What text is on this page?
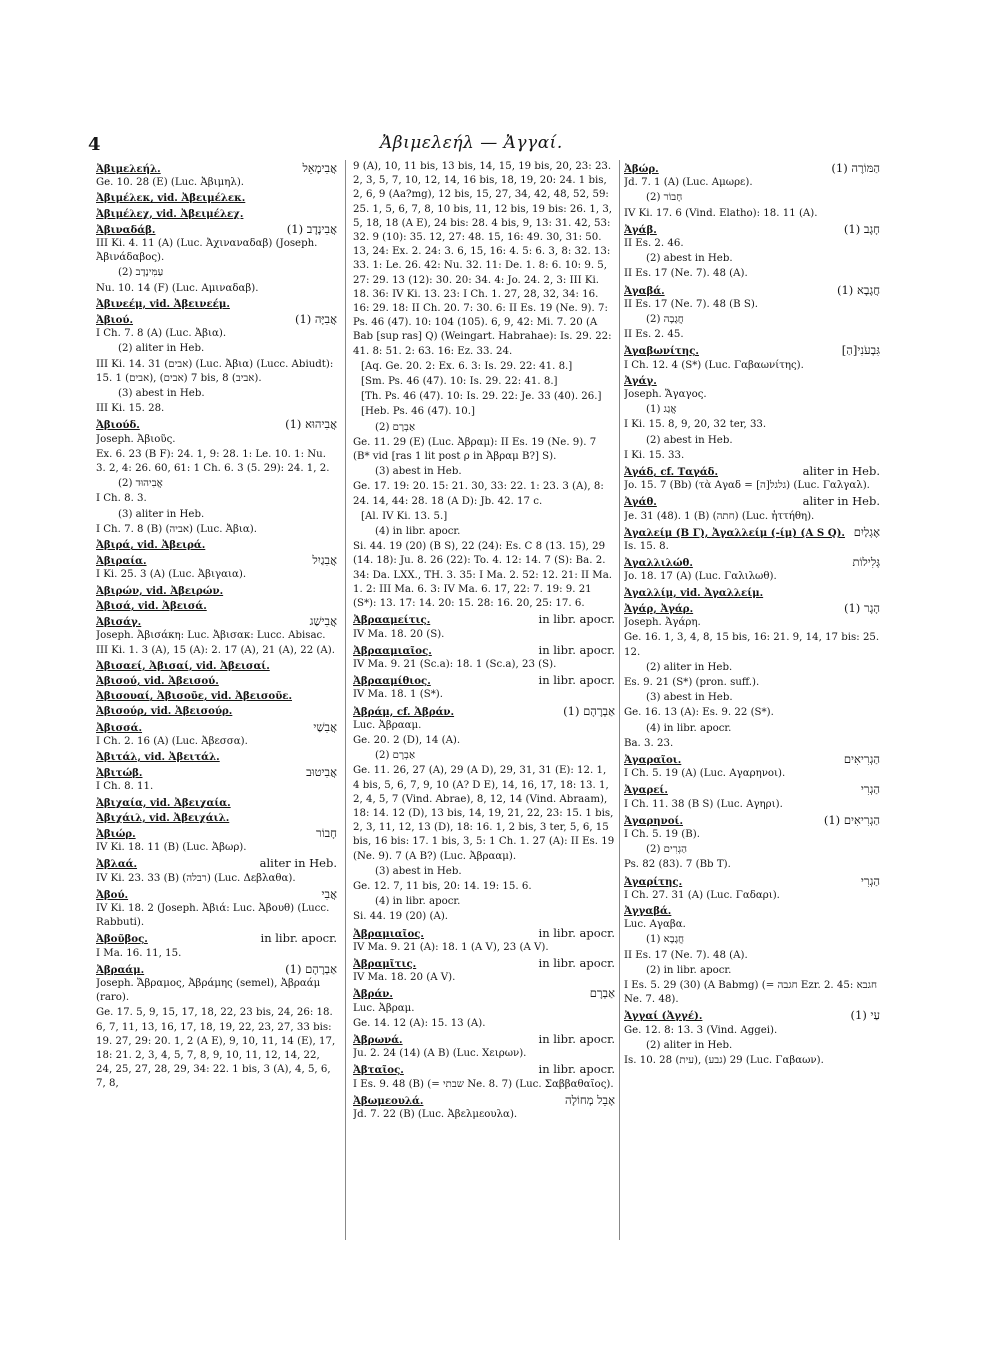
4	Ἀβιμελεήλ — Ἀγγαί.
Ἀβιμελεήλ.	אֲבִימָאֵל
Ge. 10. 28 (E) (Luc. Ἀβιμηλ).
Ἀβιμέλεκ, vid. Ἀβειμέλεκ.
Ἀβιμέλεχ, vid. Ἀβειμέλεχ.
Ἀβιναδάβ.	(1) אֲבִינָדָב
III Ki. 4. 11 (A) (Luc. Ἀχιναναδαβ) (Joseph. Ἀβινάδαβος).
(2) עַמִּינָדָב
Nu. 10. 14 (F) (Luc. Αμιναδαβ).
Ἀβινεέμ, vid. Ἀβεινεέμ.
Ἀβιού.	(1) אֲבִיָּה
I Ch. 7. 8 (A) (Luc. Ἀβια).
(2) aliter in Heb.
III Ki. 14. 31 (אבים) (Luc. Ἀβια) (Lucc. Abiudt): 15. 1 (אבים), 7 (אבים) bis, 8 (אביב).
(3) abest in Heb.
III Ki. 15. 28.
Ἀβιούδ.	(1) אֲבִיהוּא
Joseph. Ἀβιοῦς.
Ex. 6. 23 (B F): 24. 1, 9: 28. 1: Le. 10. 1: Nu. 3. 2, 4: 26. 60, 61: 1 Ch. 6. 3 (5. 29): 24. 1, 2.
(2) אֲבִיהוּד
I Ch. 8. 3.
(3) aliter in Heb.
I Ch. 7. 8 (B) (אביה) (Luc. Ἀβια).
Ἀβιρά, vid. Ἀβειρά.
Ἀβιραία.	אֲבִגַיִל
I Ki. 25. 3 (A) (Luc. Ἀβιγαια).
Ἀβιρών, vid. Ἀβειρών.
Ἀβισά, vid. Ἀβεισά.
Ἀβισάγ.	אֲבִישַׁג
Joseph. Ἀβισάκη: Luc. Ἀβισακ: Lucc. Abisac. III Ki. 1. 3 (A), 15 (A): 2. 17 (A), 21 (A), 22 (A).
Ἀβισαεί, Ἀβισαί, vid. Ἀβεισαί.
Ἀβισού, vid. Ἀβεισού.
Ἀβισουαί, Ἀβισοῦε, vid. Ἀβεισοῦε.
Ἀβισούρ, vid. Ἀβεισούρ.
Ἀβισσά.	אֲבִשַׁי
I Ch. 2. 16 (A) (Luc. Ἀβεσσα).
Ἀβιτάλ, vid. Ἀβειτάλ.
Ἀβιτώβ.	אֲבִיטוּב
I Ch. 8. 11.
Ἀβιχαία, vid. Ἀβειχαία.
Ἀβιχάιλ, vid. Ἀβειχάιλ.
Ἀβιώρ.	חָבוֹר
IV Ki. 18. 11 (B) (Luc. Ἀβωρ).
Ἀβλαά.	aliter in Heb.
IV Ki. 23. 33 (B) (רבלה) (Luc. Δεβλαθα).
Ἀβού.	אֲבִי
IV Ki. 18. 2 (Joseph. Ἀβιά: Luc. Ἀβουθ) (Lucc. Rabbuti).
Ἀβοῦβος.	in libr. apocr.
I Ma. 16. 11, 15.
Ἀβραάμ.	(1) אַבְרָהָם
Joseph. Ἄβραμος, Ἀβράμης (semel), Ἀβραάμ (raro).
Ge. 17. 5, 9, 15, 17, 18, 22, 23 bis, 24, 26: 18. 6, 7, 11, 13, 16, 17, 18, 19, 22, 23, 27, 33 bis: 19. 27, 29: 20. 1, 2 (A E), 9, 10, 11, 14 (E), 17, 18: 21. 2, 3, 4, 5, 7, 8, 9, 10, 11, 12, 14, 22, 24, 25, 27, 28, 29, 34: 22. 1 bis, 3 (A), 4, 5, 6, 7, 8,
9 (A), 10, 11 bis, 13 bis, 14, 15, 19 bis, 20, 23: 23. 2, 3, 5, 7, 10, 12, 14, 16 bis, 18, 19, 20: 24. 1 bis, 2, 6, 9 (Aa?mg), 12 bis, 15, 27, 34, 42, 48, 52, 59: 25. 1, 5, 6, 7, 8, 10 bis, 11, 12 bis, 19 bis: 26. 1, 3, 5, 18, 18 (A E), 24 bis: 28. 4 bis, 9, 13: 31. 42, 53: 32. 9 (10): 35. 12, 27: 48. 15, 16: 49. 30, 31: 50. 13, 24: Ex. 2. 24: 3. 6, 15, 16: 4. 5: 6. 3, 8: 32. 13: 33. 1: Le. 26. 42: Nu. 32. 11: De. 1. 8: 6. 10: 9. 5, 27: 29. 13 (12): 30. 20: 34. 4: Jo. 24. 2, 3: III Ki. 18. 36: IV Ki. 13. 23: I Ch. 1. 27, 28, 32, 34: 16. 16: 29. 18: II Ch. 20. 7: 30. 6: II Es. 19 (Ne. 9). 7: Ps. 46 (47). 10: 104 (105). 6, 9, 42: Mi. 7. 20 (A Bab [sup ras] Q) (Weingart. Habrahae): Is. 29. 22: 41. 8: 51. 2: 63. 16: Ez. 33. 24.
[Aq. Ge. 20. 2: Ex. 6. 3: Is. 29. 22: 41. 8.]
[Sm. Ps. 46 (47). 10: Is. 29. 22: 41. 8.]
[Th. Ps. 46 (47). 10: Is. 29. 22: Je. 33 (40). 26.]
[Heb. Ps. 46 (47). 10.]
(2) אַבְרָם
Ge. 11. 29 (E) (Luc. Ἀβραμ): II Es. 19 (Ne. 9). 7 (B* vid [ras 1 lit post ρ in Ἀβραμ B?] S).
(3) abest in Heb.
Ge. 17. 19: 20. 15: 21. 30, 33: 22. 1: 23. 3 (A), 8: 24. 14, 44: 28. 18 (A D): Jb. 42. 17 c.
[Al. IV Ki. 13. 5.]
(4) in libr. apocr.
Si. 44. 19 (20) (B S), 22 (24): Es. C 8 (13. 15), 29 (14. 18): Ju. 8. 26 (22): To. 4. 12: 14. 7 (S): Ba. 2. 34: Da. LXX., TH. 3. 35: I Ma. 2. 52: 12. 21: II Ma. 1. 2: III Ma. 6. 3: IV Ma. 6. 17, 22: 7. 19: 9. 21 (S*): 13. 17: 14. 20: 15. 28: 16. 20, 25: 17. 6.
Ἀβρααμείτις.	in libr. apocr.
IV Ma. 18. 20 (S).
Ἀβρααμιαῖος.	in libr. apocr.
IV Ma. 9. 21 (Sc.a): 18. 1 (Sc.a), 23 (S).
Ἀβρααμίθιος.	in libr. apocr.
IV Ma. 18. 1 (S*).
Ἀβράμ, cf. Ἀβράν.	(1) אַבְרָהָם
Luc. Ἀβρααμ.
Ge. 20. 2 (D), 14 (A).
(2) אַבְרָם
Ge. 11. 26, 27 (A), 29 (A D), 29, 31, 31 (E): 12. 1, 4 bis, 5, 6, 7, 9, 10 (A? D E), 14, 16, 17, 18: 13. 1, 2, 4, 5, 7 (Vind. Abrae), 8, 12, 14 (Vind. Abraam), 18: 14. 12 (D), 13 bis, 14, 19, 21, 22, 23: 15. 1 bis, 2, 3, 11, 12, 13 (D), 18: 16. 1, 2 bis, 3 ter, 5, 6, 15 bis, 16 bis: 17. 1 bis, 3, 5: 1 Ch. 1. 27 (A): II Es. 19 (Ne. 9). 7 (A B?) (Luc. Ἀβρααμ).
(3) abest in Heb.
Ge. 12. 7, 11 bis, 20: 14. 19: 15. 6.
(4) in libr. apocr.
Si. 44. 19 (20) (A).
Ἀβραμιαῖος.	in libr. apocr.
IV Ma. 9. 21 (A): 18. 1 (A V), 23 (A V).
Ἀβραμῖτις.	in libr. apocr.
IV Ma. 18. 20 (A V).
Ἀβράν.	אַבְרָם
Luc. Ἀβραμ.
Ge. 14. 12 (A): 15. 13 (A).
Ἀβρωνά.	in libr. apocr.
Ju. 2. 24 (14) (A B) (Luc. Χειρων).
Ἀβταῖος.	in libr. apocr.
I Es. 9. 48 (B) (= שבתי Ne. 8. 7) (Luc. Σαββαθαῖος).
Ἀβωμεουλά.	אָבֵל מְחוֹלָה
Jd. 7. 22 (B) (Luc. Ἀβελμεουλα).
Ἀβώρ.	(1) הַמּוֹרֶה
Jd. 7. 1 (A) (Luc. Αμωρε).
(2) חָבוֹר
IV Ki. 17. 6 (Vind. Elatho): 18. 11 (A).
Ἀγάβ.	(1) חָגָב
II Es. 2. 46.
(2) abest in Heb.
II Es. 17 (Ne. 7). 48 (A).
Ἀγαβά.	(1) חֲגָבָא
II Es. 17 (Ne. 7). 48 (B S).
(2) חֲגָבָה
II Es. 2. 45.
Ἀγαβωνίτης.	[הַ]גִּבְעֹנִי
I Ch. 12. 4 (S*) (Luc. Γαβαωνίτης).
Ἀγάγ.
Joseph. Ἄγαγος.
(1) אֲגַג
I Ki. 15. 8, 9, 20, 32 ter, 33.
(2) abest in Heb.
I Ki. 15. 33.
Ἀγάδ, cf. Ταγάδ.	aliter in Heb.
Jo. 15. 7 (Bb) (τὰ Αγαδ = [ה]גלגל) (Luc. Γαλγαλ).
Ἀγάθ.	aliter in Heb.
Je. 31 (48). 1 (B) (חתה) (Luc. ἡττήθη).
Ἀγαλείμ (B Γ), Ἀγαλλείμ (-ίμ) (A S Q). אֶגְלַיִם
Is. 15. 8.
Ἀγαλλιλώθ.	גְּלִילוֹת
Jo. 18. 17 (A) (Luc. Γαλιλωθ).
Ἀγαλλίμ, vid. Ἀγαλλείμ.
Ἀγάρ, Ἀγάρ.	(1) הָגָר
Joseph. Ἀγάρη.
Ge. 16. 1, 3, 4, 8, 15 bis, 16: 21. 9, 14, 17 bis: 25. 12.
(2) aliter in Heb.
Es. 9. 21 (S*) (pron. suff.).
(3) abest in Heb.
Ge. 16. 13 (A): Es. 9. 22 (S*).
(4) in libr. apocr.
Ba. 3. 23.
Ἀγαραῖοι.	הַגְרִיאִים
I Ch. 5. 19 (A) (Luc. Αγαρηνοι).
Ἀγαρεί.	הַגְרִי
I Ch. 11. 38 (B S) (Luc. Αγηρι).
Ἀγαρηνοί.	(1) הַגְרִיאִים
I Ch. 5. 19 (B).
(2) הַגְרִים
Ps. 82 (83). 7 (Bb T).
Ἀγαρίτης.	הַגְרִי
I Ch. 27. 31 (A) (Luc. Γαδαρι).
Ἀγγαβά.
Luc. Αγαβα.
(1) חֲגָבָא
II Es. 17 (Ne. 7). 48 (A).
(2) in libr. apocr.
I Es. 5. 29 (30) (A Babmg) (= חגבה Ezr. 2. 45: חגבא Ne. 7. 48).
Ἀγγαί (Ἀγγέ).	(1) עַי
Ge. 12. 8: 13. 3 (Vind. Aggei).
(2) aliter in Heb.
Is. 10. 28 (עית), 29 (גבע) (Luc. Γαβαων).
